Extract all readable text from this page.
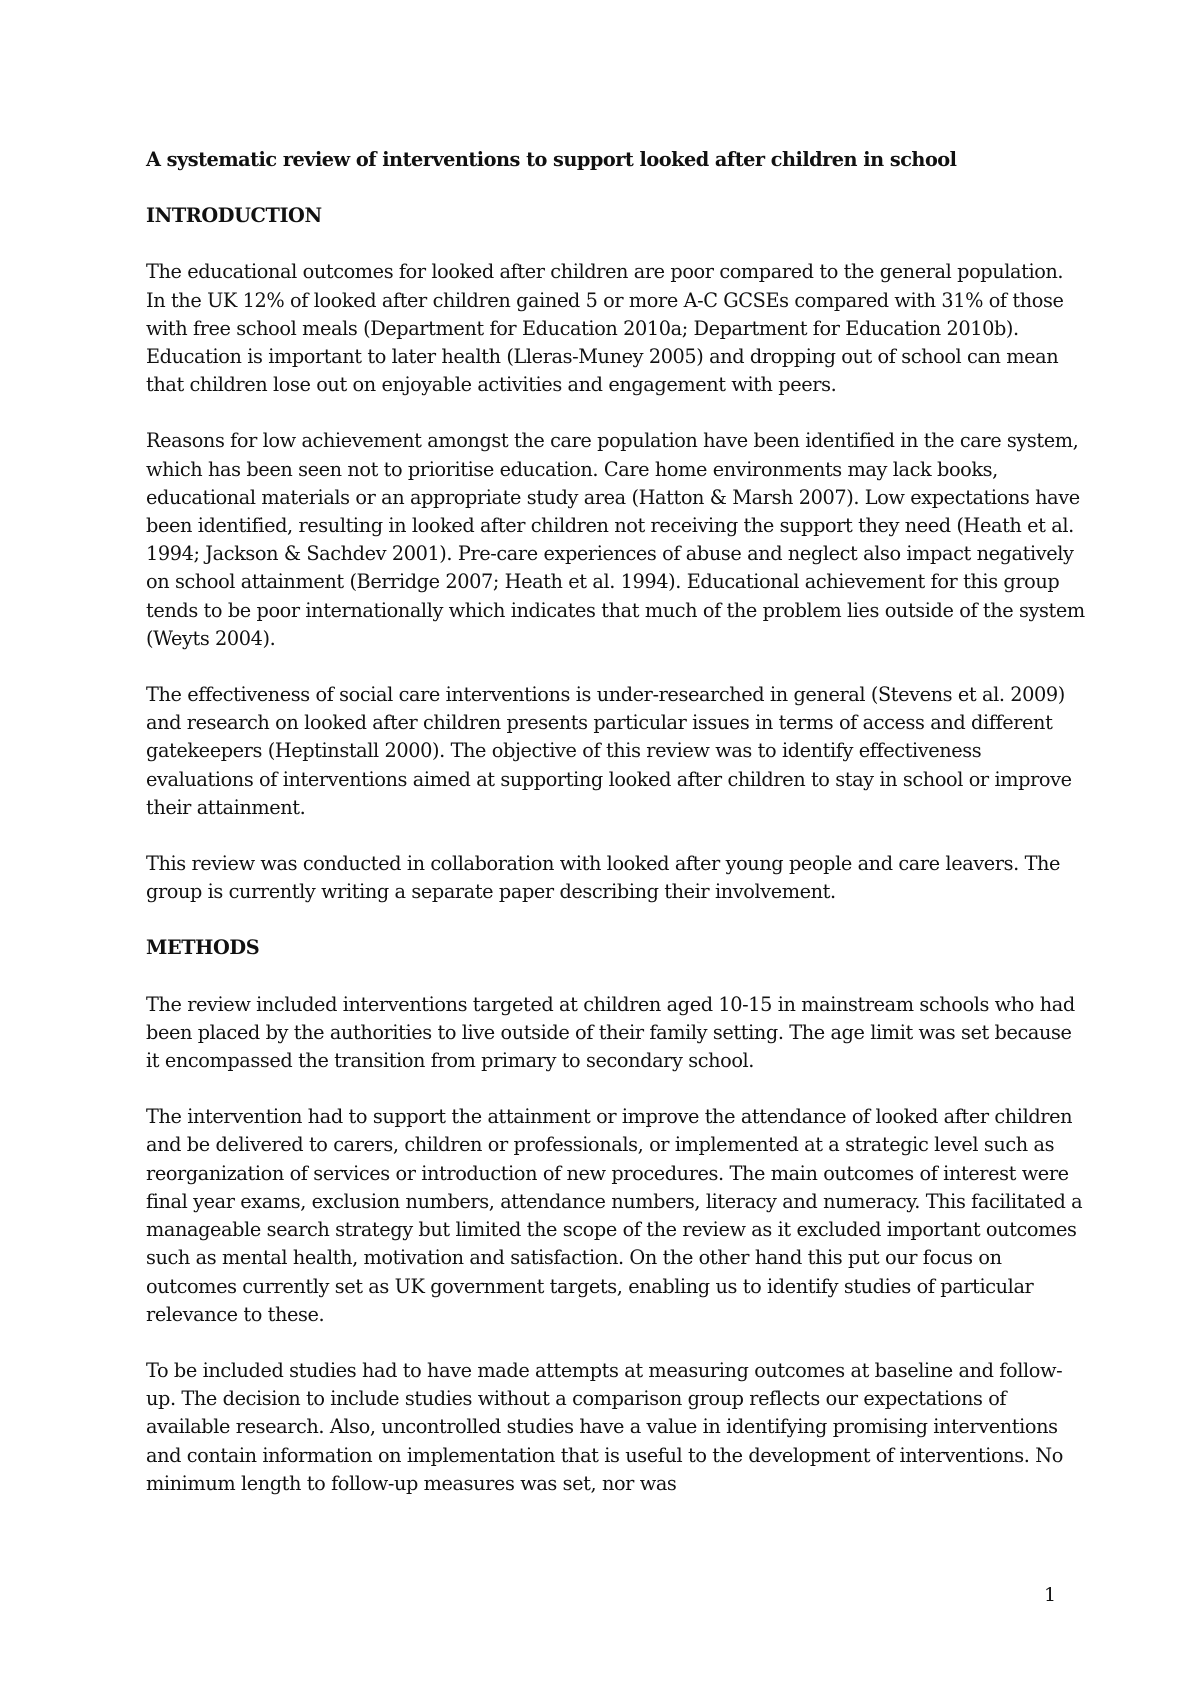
A systematic review of interventions to support looked after children in school
INTRODUCTION

The educational outcomes for looked after children are poor compared to the general population. In the UK 12% of looked after children gained 5 or more A-C GCSEs compared with 31% of those with free school meals (Department for Education 2010a; Department for Education 2010b). Education is important to later health (Lleras-Muney 2005) and dropping out of school can mean that children lose out on enjoyable activities and engagement with peers.

Reasons for low achievement amongst the care population have been identified in the care system, which has been seen not to prioritise education. Care home environments may lack books, educational materials or an appropriate study area (Hatton & Marsh 2007). Low expectations have been identified, resulting in looked after children not receiving the support they need (Heath et al. 1994; Jackson & Sachdev 2001). Pre-care experiences of abuse and neglect also impact negatively on school attainment (Berridge 2007; Heath et al. 1994). Educational achievement for this group tends to be poor internationally which indicates that much of the problem lies outside of the system (Weyts 2004).

The effectiveness of social care interventions is under-researched in general (Stevens et al. 2009) and research on looked after children presents particular issues in terms of access and different gatekeepers (Heptinstall 2000). The objective of this review was to identify effectiveness evaluations of interventions aimed at supporting looked after children to stay in school or improve their attainment.

This review was conducted in collaboration with looked after young people and care leavers. The group is currently writing a separate paper describing their involvement.

METHODS

The review included interventions targeted at children aged 10-15 in mainstream schools who had been placed by the authorities to live outside of their family setting. The age limit was set because it encompassed the transition from primary to secondary school.

The intervention had to support the attainment or improve the attendance of looked after children and be delivered to carers, children or professionals, or implemented at a strategic level such as reorganization of services or introduction of new procedures. The main outcomes of interest were final year exams, exclusion numbers, attendance numbers, literacy and numeracy. This facilitated a manageable search strategy but limited the scope of the review as it excluded important outcomes such as mental health, motivation and satisfaction. On the other hand this put our focus on outcomes currently set as UK government targets, enabling us to identify studies of particular relevance to these.

To be included studies had to have made attempts at measuring outcomes at baseline and follow-up. The decision to include studies without a comparison group reflects our expectations of available research. Also, uncontrolled studies have a value in identifying promising interventions and contain information on implementation that is useful to the development of interventions. No minimum length to follow-up measures was set, nor was

1
